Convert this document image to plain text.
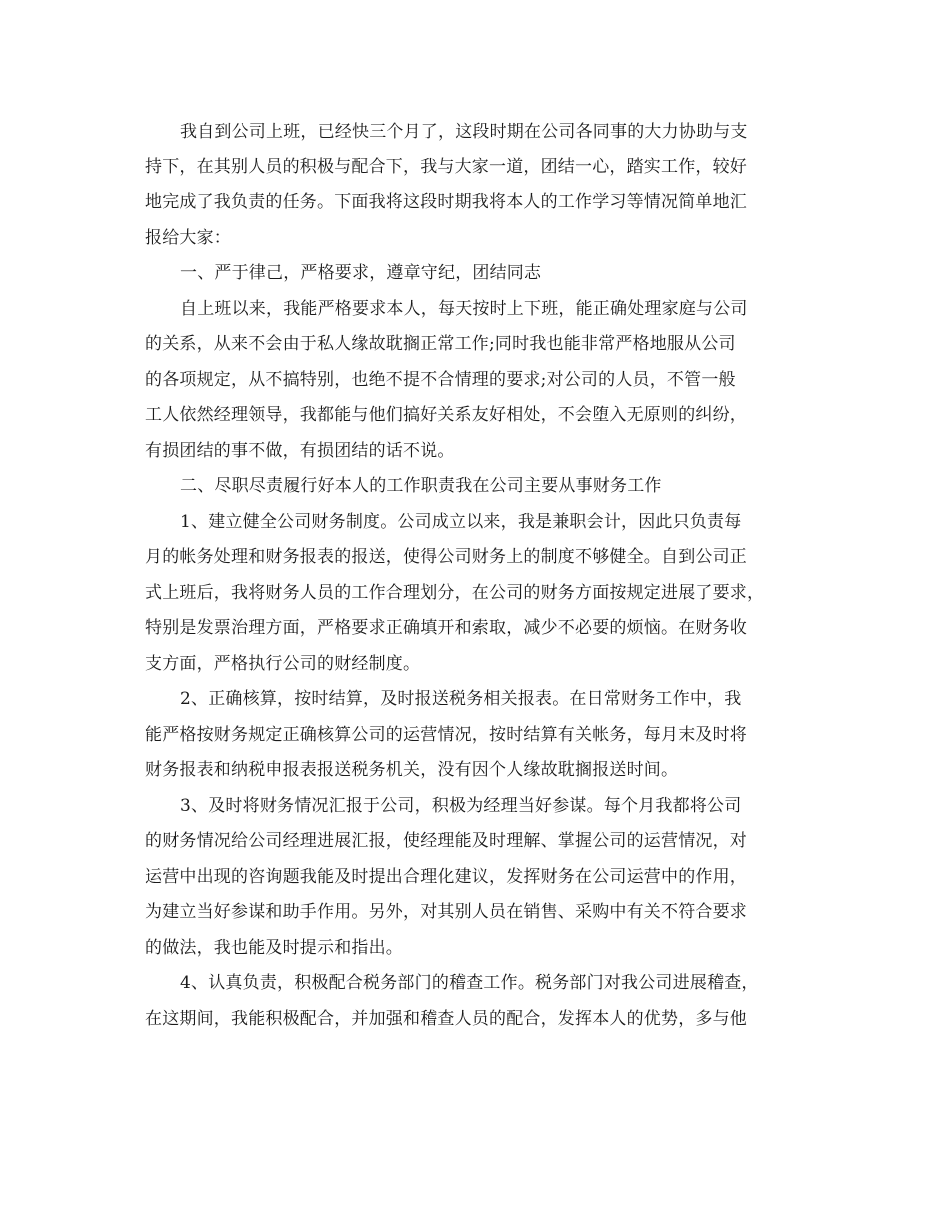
我自到公司上班，已经快三个月了，这段时期在公司各同事的大力协助与支
持下，在其别人员的积极与配合下，我与大家一道，团结一心，踏实工作，较好
地完成了我负责的任务。下面我将这段时期我将本人的工作学习等情况简单地汇
报给大家：
一、严于律己，严格要求，遵章守纪，团结同志
自上班以来，我能严格要求本人，每天按时上下班，能正确处理家庭与公司
的关系，从来不会由于私人缘故耽搁正常工作;同时我也能非常严格地服从公司
的各项规定，从不搞特别，也绝不提不合情理的要求;对公司的人员，不管一般
工人依然经理领导，我都能与他们搞好关系友好相处，不会堕入无原则的纠纷，
有损团结的事不做，有损团结的话不说。
二、尽职尽责履行好本人的工作职责我在公司主要从事财务工作
1、建立健全公司财务制度。公司成立以来，我是兼职会计，因此只负责每
月的帐务处理和财务报表的报送，使得公司财务上的制度不够健全。自到公司正
式上班后，我将财务人员的工作合理划分，在公司的财务方面按规定进展了要求，
特别是发票治理方面，严格要求正确填开和索取，减少不必要的烦恼。在财务收
支方面，严格执行公司的财经制度。
2、正确核算，按时结算，及时报送税务相关报表。在日常财务工作中，我
能严格按财务规定正确核算公司的运营情况，按时结算有关帐务，每月末及时将
财务报表和纳税申报表报送税务机关，没有因个人缘故耽搁报送时间。
3、及时将财务情况汇报于公司，积极为经理当好参谋。每个月我都将公司
的财务情况给公司经理进展汇报，使经理能及时理解、掌握公司的运营情况，对
运营中出现的咨询题我能及时提出合理化建议，发挥财务在公司运营中的作用，
为建立当好参谋和助手作用。另外，对其别人员在销售、采购中有关不符合要求
的做法，我也能及时提示和指出。
4、认真负责，积极配合税务部门的稽查工作。税务部门对我公司进展稽查，
在这期间，我能积极配合，并加强和稽查人员的配合，发挥本人的优势，多与他
